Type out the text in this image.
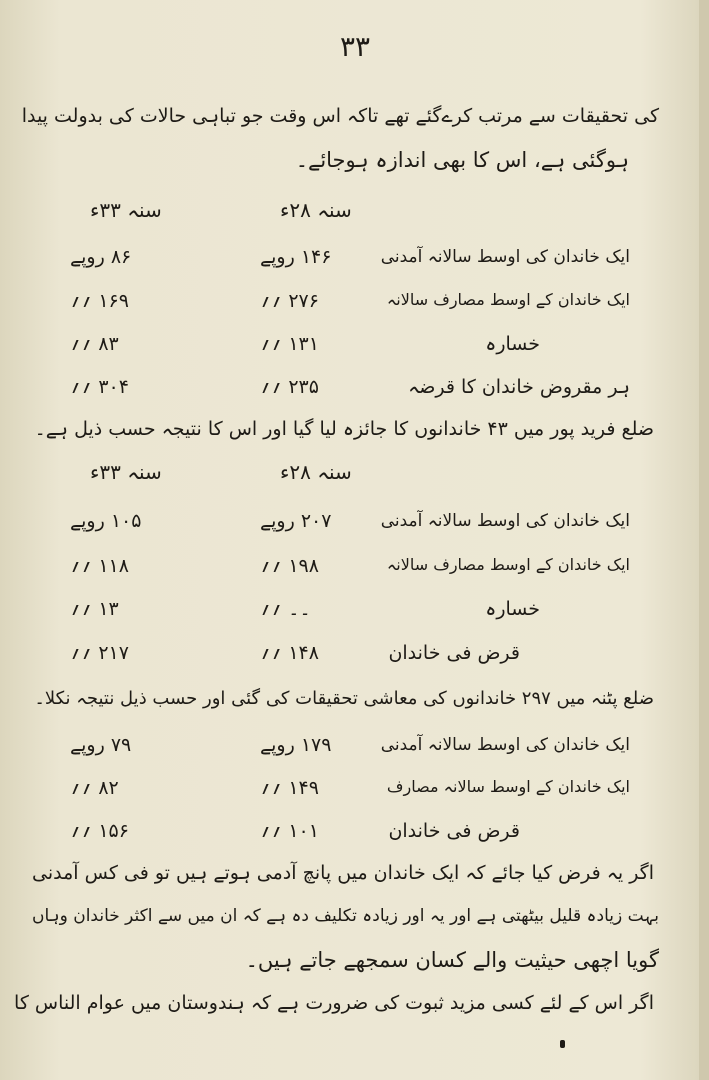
۳۳
کی تحقیقات سے مرتب کرےگئے تھے تاکہ اس وقت جو تباہی حالات کی بدولت پیدا
ہوگئی ہے، اس کا بھی اندازہ ہوجائے۔
سنہ ۳۳ء	سنہ ۲۸ء
ایک خاندان کی اوسط سالانہ آمدنی
۱۴۶ روپے
۸۶ روپے
ایک خاندان کے اوسط مصارف سالانہ
۲۷۶ ؍؍
۱۶۹ ؍؍
خسارہ
۱۳۱ ؍؍
۸۳ ؍؍
ہر مقروض خاندان کا قرضہ
۲۳۵ ؍؍
۳۰۴ ؍؍
ضلع فرید پور میں ۴۳ خاندانوں کا جائزہ لیا گیا اور اس کا نتیجہ حسب ذیل ہے۔
سنہ ۳۳ء	سنہ ۲۸ء
ایک خاندان کی اوسط سالانہ آمدنی
۲۰۷ روپے
۱۰۵ روپے
ایک خاندان کے اوسط مصارف سالانہ
۱۹۸ ؍؍
۱۱۸ ؍؍
خسارہ
۔۔ ؍؍
۱۳ ؍؍
قرض فی خاندان
۱۴۸ ؍؍
۲۱۷ ؍؍
ضلع پٹنہ میں ۲۹۷ خاندانوں کی معاشی تحقیقات کی گئی اور حسب ذیل نتیجہ نکلا۔
ایک خاندان کی اوسط سالانہ آمدنی
۱۷۹ روپے
۷۹ روپے
ایک خاندان کے اوسط سالانہ مصارف
۱۴۹ ؍؍
۸۲ ؍؍
قرض فی خاندان
۱۰۱ ؍؍
۱۵۶ ؍؍
اگر یہ فرض کیا جائے کہ ایک خاندان میں پانچ آدمی ہوتے ہیں تو فی کس آمدنی
بہت زیادہ قلیل بیٹھتی ہے اور یہ اور زیادہ تکلیف دہ ہے کہ ان میں سے اکثر خاندان وہاں
گویا اچھی حیثیت والے کسان سمجھے جاتے ہیں۔
اگر اس کے لئے کسی مزید ثبوت کی ضرورت ہے کہ ہندوستان میں عوام الناس کا
